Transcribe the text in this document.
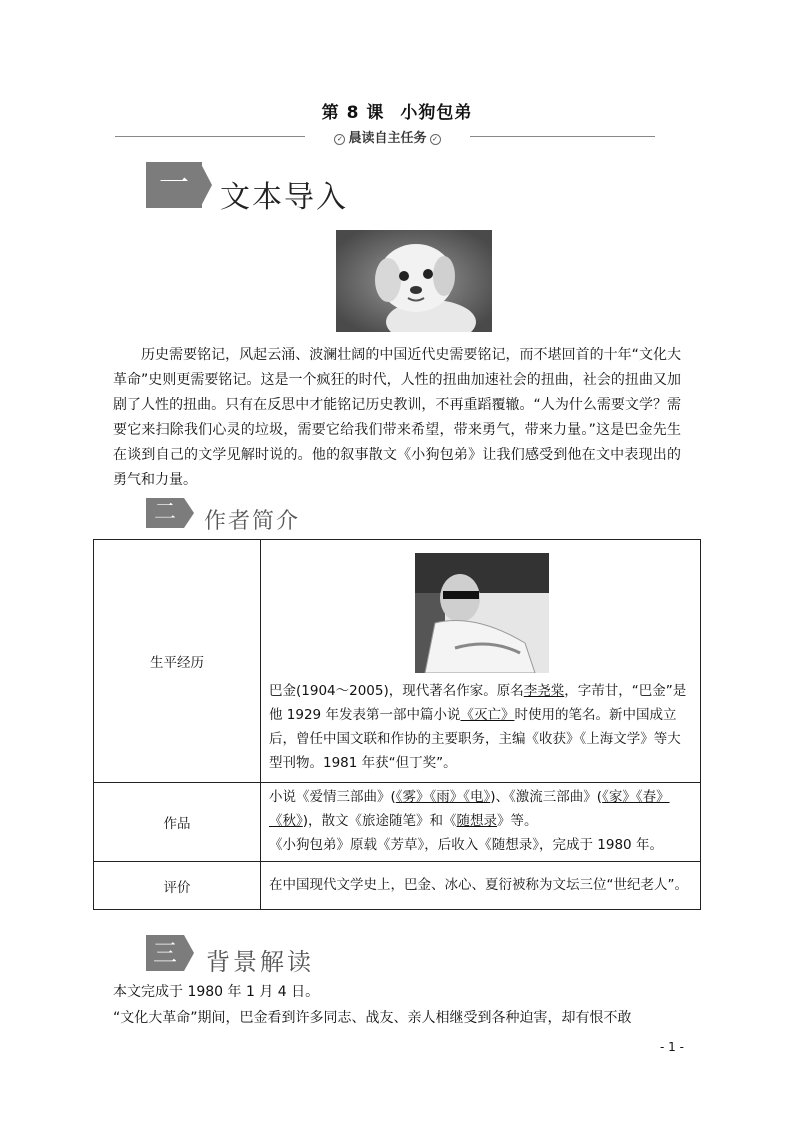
第 8 课 小狗包弟
✓ 晨读自主任务 ✓
一	文本导入
历史需要铭记，风起云涌、波澜壮阔的中国近代史需要铭记，而不堪回首的十年“文化大革命”史则更需要铭记。这是一个疯狂的时代，人性的扭曲加速社会的扭曲，社会的扭曲又加剧了人性的扭曲。只有在反思中才能铭记历史教训，不再重蹈覆辙。“人为什么需要文学？需要它来扫除我们心灵的垃圾，需要它给我们带来希望，带来勇气，带来力量。”这是巴金先生在谈到自己的文学见解时说的。他的叙事散文《小狗包弟》让我们感受到他在文中表现出的勇气和力量。
二	作者简介
生平经历	巴金(1904～2005)，现代著名作家。原名李尧棠，字芾甘，“巴金”是他 1929 年发表第一部中篇小说《灭亡》时使用的笔名。新中国成立后，曾任中国文联和作协的主要职务，主编《收获》《上海文学》等大型刊物。1981 年获“但丁奖”。
作品	小说《爱情三部曲》(《雾》《雨》《电》)、《激流三部曲》(《家》《春》《秋》)，散文《旅途随笔》和《随想录》等。
《小狗包弟》原载《芳草》，后收入《随想录》，完成于 1980 年。

评价	在中国现代文学史上，巴金、冰心、夏衍被称为文坛三位“世纪老人”。
三 背景解读
本文完成于 1980 年 1 月 4 日。
“文化大革命”期间，巴金看到许多同志、战友、亲人相继受到各种迫害，却有恨不敢
- 1 -
